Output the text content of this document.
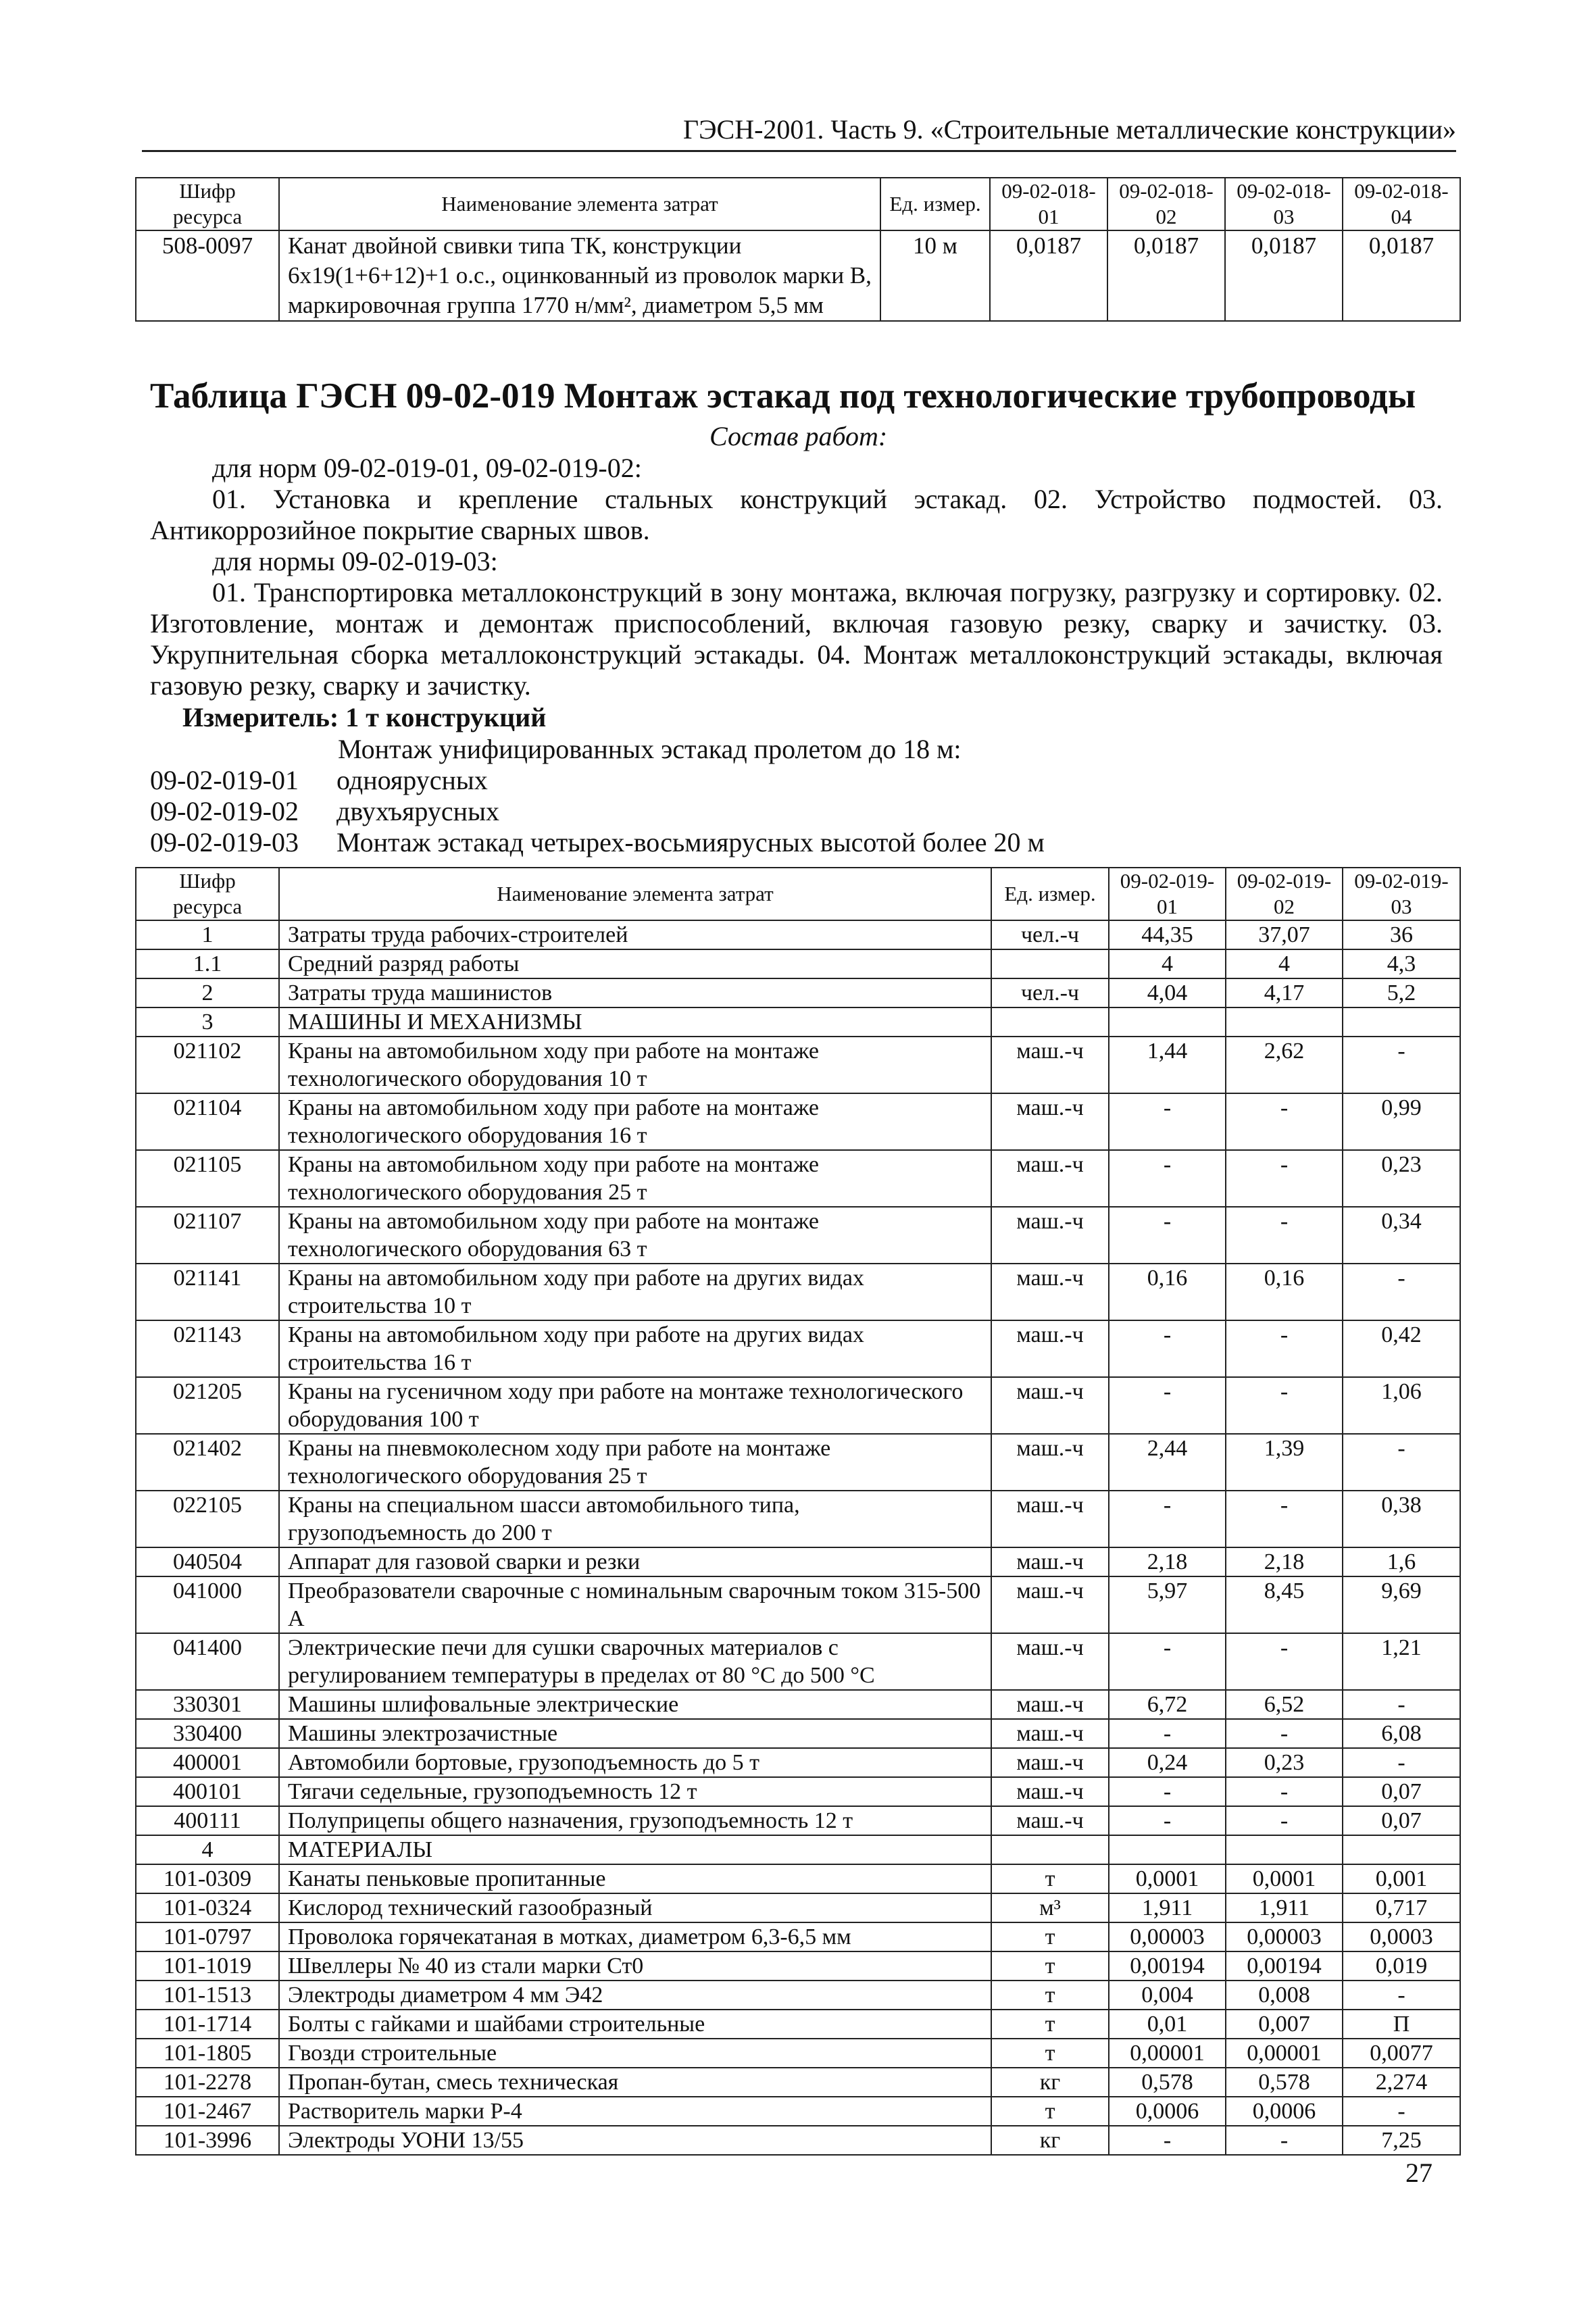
ГЭСН-2001. Часть 9. «Строительные металлические конструкции»
Шифр ресурса	Наименование элемента затрат	Ед. измер.	09-02-018-01	09-02-018-02	09-02-018-03	09-02-018-04
508-0097	Канат двойной свивки типа ТК, конструкции 6х19(1+6+12)+1 о.с., оцинкованный из проволок марки В, маркировочная группа 1770 н/мм², диаметром 5,5 мм	10 м	0,0187	0,0187	0,0187	0,0187
Таблица ГЭСН 09-02-019 Монтаж эстакад под технологические трубопроводы
Состав работ:
для норм 09-02-019-01, 09-02-019-02:
01. Установка и крепление стальных конструкций эстакад. 02. Устройство подмостей. 03. Антикоррозийное покрытие сварных швов.
для нормы 09-02-019-03:
01. Транспортировка металлоконструкций в зону монтажа, включая погрузку, разгрузку и сортировку. 02. Изготовление, монтаж и демонтаж приспособлений, включая газовую резку, сварку и зачистку. 03. Укрупнительная сборка металлоконструкций эстакады. 04. Монтаж металлоконструкций эстакады, включая газовую резку, сварку и зачистку.
Измеритель: 1 т конструкций
Монтаж унифицированных эстакад пролетом до 18 м:
09-02-019-01 одноярусных
09-02-019-02 двухъярусных
09-02-019-03 Монтаж эстакад четырех-восьмиярусных высотой более 20 м
Шифр ресурса	Наименование элемента затрат	Ед. измер.	09-02-019-01	09-02-019-02	09-02-019-03
1	Затраты труда рабочих-строителей	чел.-ч	44,35	37,07	36
1.1	Средний разряд работы		4	4	4,3
2	Затраты труда машинистов	чел.-ч	4,04	4,17	5,2
3	МАШИНЫ И МЕХАНИЗМЫ				
021102	Краны на автомобильном ходу при работе на монтаже технологического оборудования 10 т	маш.-ч	1,44	2,62	-
021104	Краны на автомобильном ходу при работе на монтаже технологического оборудования 16 т	маш.-ч	-	-	0,99
021105	Краны на автомобильном ходу при работе на монтаже технологического оборудования 25 т	маш.-ч	-	-	0,23
021107	Краны на автомобильном ходу при работе на монтаже технологического оборудования 63 т	маш.-ч	-	-	0,34
021141	Краны на автомобильном ходу при работе на других видах строительства 10 т	маш.-ч	0,16	0,16	-
021143	Краны на автомобильном ходу при работе на других видах строительства 16 т	маш.-ч	-	-	0,42
021205	Краны на гусеничном ходу при работе на монтаже технологического оборудования 100 т	маш.-ч	-	-	1,06
021402	Краны на пневмоколесном ходу при работе на монтаже технологического оборудования 25 т	маш.-ч	2,44	1,39	-
022105	Краны на специальном шасси автомобильного типа, грузоподъемность до 200 т	маш.-ч	-	-	0,38
040504	Аппарат для газовой сварки и резки	маш.-ч	2,18	2,18	1,6
041000	Преобразователи сварочные с номинальным сварочным током 315-500 А	маш.-ч	5,97	8,45	9,69
041400	Электрические печи для сушки сварочных материалов с регулированием температуры в пределах от 80 °С до 500 °С	маш.-ч	-	-	1,21
330301	Машины шлифовальные электрические	маш.-ч	6,72	6,52	-
330400	Машины электрозачистные	маш.-ч	-	-	6,08
400001	Автомобили бортовые, грузоподъемность до 5 т	маш.-ч	0,24	0,23	-
400101	Тягачи седельные, грузоподъемность 12 т	маш.-ч	-	-	0,07
400111	Полуприцепы общего назначения, грузоподъемность 12 т	маш.-ч	-	-	0,07
4	МАТЕРИАЛЫ				
101-0309	Канаты пеньковые пропитанные	т	0,0001	0,0001	0,001
101-0324	Кислород технический газообразный	м³	1,911	1,911	0,717
101-0797	Проволока горячекатаная в мотках, диаметром 6,3-6,5 мм	т	0,00003	0,00003	0,0003
101-1019	Швеллеры № 40 из стали марки Ст0	т	0,00194	0,00194	0,019
101-1513	Электроды диаметром 4 мм Э42	т	0,004	0,008	-
101-1714	Болты с гайками и шайбами строительные	т	0,01	0,007	П
101-1805	Гвозди строительные	т	0,00001	0,00001	0,0077
101-2278	Пропан-бутан, смесь техническая	кг	0,578	0,578	2,274
101-2467	Растворитель марки Р-4	т	0,0006	0,0006	-
101-3996	Электроды УОНИ 13/55	кг	-	-	7,25
27
